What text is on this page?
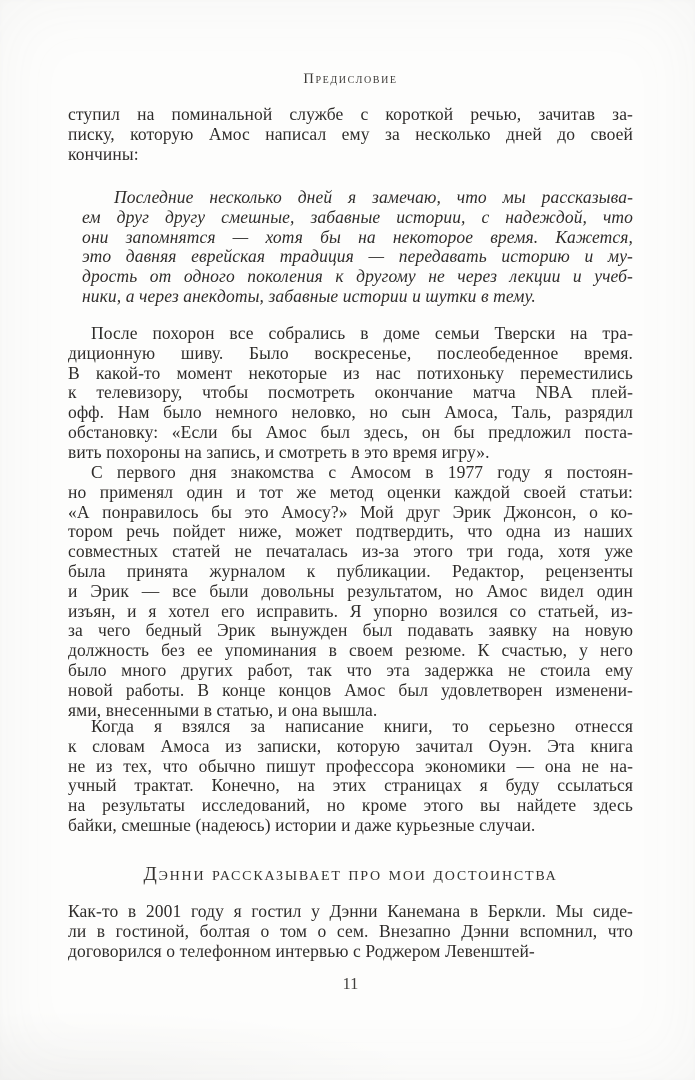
Предисловие
ступил на поминальной службе с короткой речью, зачитав за-
писку, которую Амос написал ему за несколько дней до своей
кончины:
Последние несколько дней я замечаю, что мы рассказыва-
ем друг другу смешные, забавные истории, с надеждой, что
они запомнятся — хотя бы на некоторое время. Кажется,
это давняя еврейская традиция — передавать историю и му-
дрость от одного поколения к другому не через лекции и учеб-
ники, а через анекдоты, забавные истории и шутки в тему.
После похорон все собрались в доме семьи Тверски на тра-
диционную шиву. Было воскресенье, послеобеденное время.
В какой-то момент некоторые из нас потихоньку переместились
к телевизору, чтобы посмотреть окончание матча NBA плей-
офф. Нам было немного неловко, но сын Амоса, Таль, разрядил
обстановку: «Если бы Амос был здесь, он бы предложил поста-
вить похороны на запись, и смотреть в это время игру».
С первого дня знакомства с Амосом в 1977 году я постоян-
но применял один и тот же метод оценки каждой своей статьи:
«А понравилось бы это Амосу?» Мой друг Эрик Джонсон, о ко-
тором речь пойдет ниже, может подтвердить, что одна из наших
совместных статей не печаталась из-за этого три года, хотя уже
была принята журналом к публикации. Редактор, рецензенты
и Эрик — все были довольны результатом, но Амос видел один
изъян, и я хотел его исправить. Я упорно возился со статьей, из-
за чего бедный Эрик вынужден был подавать заявку на новую
должность без ее упоминания в своем резюме. К счастью, у него
было много других работ, так что эта задержка не стоила ему
новой работы. В конце концов Амос был удовлетворен изменени-
ями, внесенными в статью, и она вышла.
Когда я взялся за написание книги, то серьезно отнесся
к словам Амоса из записки, которую зачитал Оуэн. Эта книга
не из тех, что обычно пишут профессора экономики — она не на-
учный трактат. Конечно, на этих страницах я буду ссылаться
на результаты исследований, но кроме этого вы найдете здесь
байки, смешные (надеюсь) истории и даже курьезные случаи.
Дэнни рассказывает про мои достоинства
Как-то в 2001 году я гостил у Дэнни Канемана в Беркли. Мы сиде-
ли в гостиной, болтая о том о сем. Внезапно Дэнни вспомнил, что
договорился о телефонном интервью с Роджером Левенштей-
11
